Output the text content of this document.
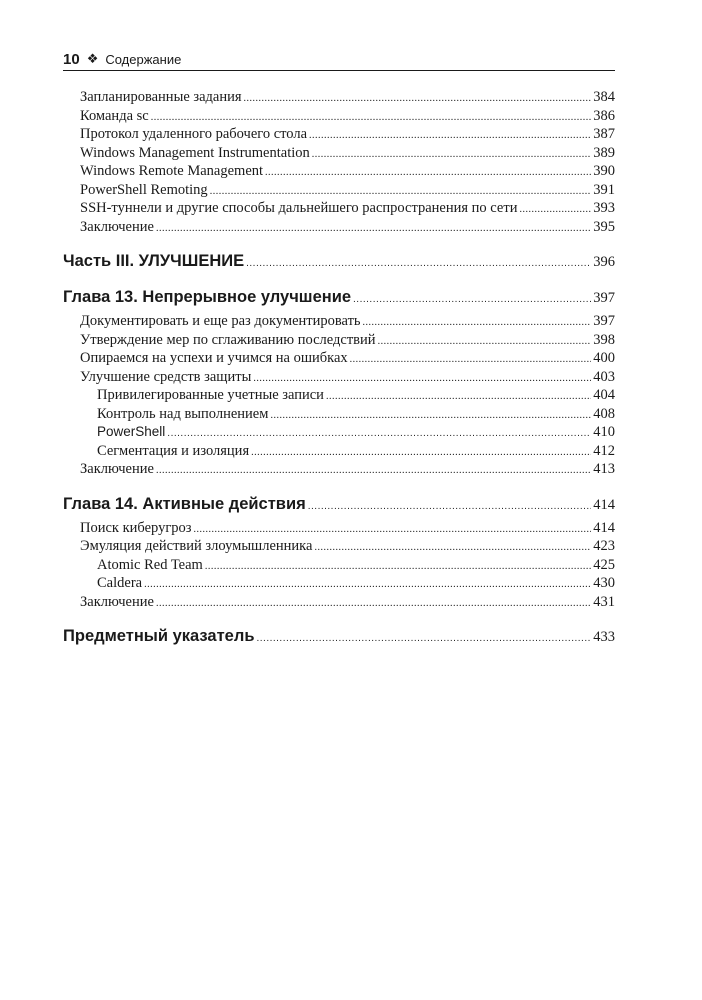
10 ❖ Содержание
Запланированные задания .....	384
Команда sc .....	386
Протокол удаленного рабочего стола .....	387
Windows Management Instrumentation .....	389
Windows Remote Management .....	390
PowerShell Remoting .....	391
SSH-туннели и другие способы дальнейшего распространения по сети .....	393
Заключение .....	395
Часть III. УЛУЧШЕНИЕ .....	396
Глава 13. Непрерывное улучшение .....	397
Документировать и еще раз документировать .....	397
Утверждение мер по сглаживанию последствий .....	398
Опираемся на успехи и учимся на ошибках .....	400
Улучшение средств защиты .....	403
Привилегированные учетные записи .....	404
Контроль над выполнением .....	408
PowerShell .....	410
Сегментация и изоляция .....	412
Заключение .....	413
Глава 14. Активные действия .....	414
Поиск киберугроз .....	414
Эмуляция действий злоумышленника .....	423
Atomic Red Team .....	425
Caldera .....	430
Заключение .....	431
Предметный указатель .....	433
